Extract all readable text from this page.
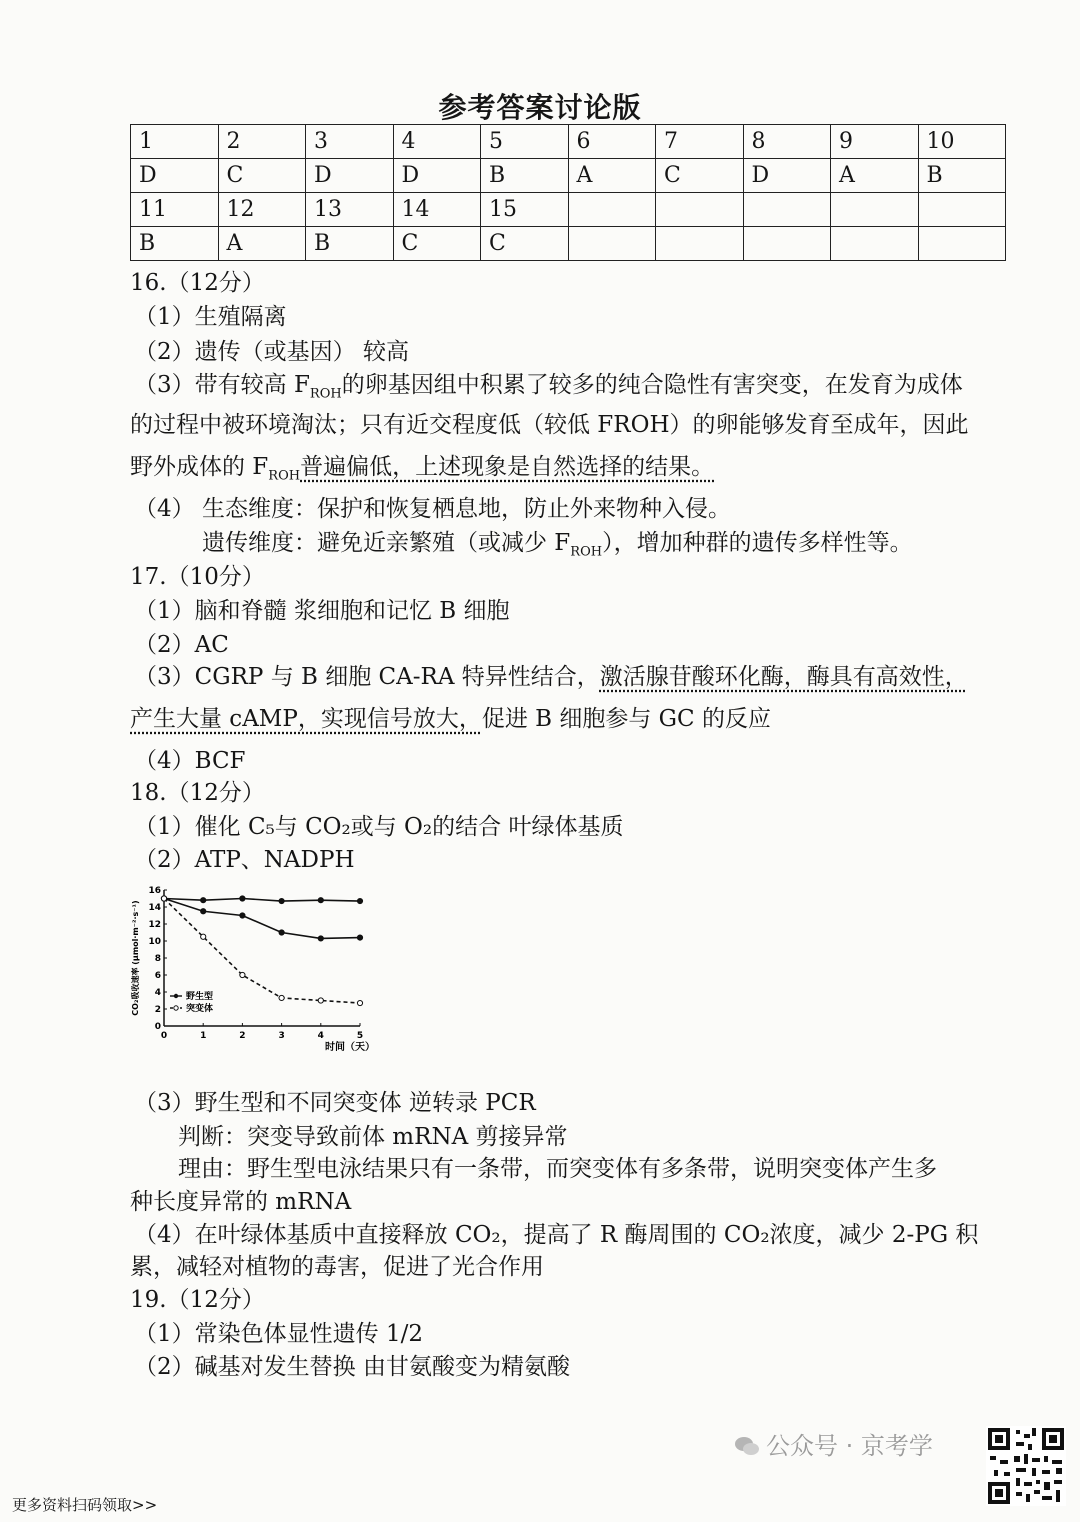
参考答案讨论版
1	2	3	4	5	6	7	8	9	10
D	C	D	D	B	A	C	D	A	B
11	12	13	14	15					
B	A	B	C	C					
16.（12分）
（1）生殖隔离
（2）遗传（或基因） 较高
（3）带有较高 $F_{ROH}$的卵基因组中积累了较多的纯合隐性有害突变，在发育为成体
的过程中被环境淘汰；只有近交程度低（较低 FROH）的卵能够发育至成年，因此
野外成体的 $F_{ROH}$普遍偏低，上述现象是自然选择的结果。
（4） 生态维度：保护和恢复栖息地，防止外来物种入侵。
遗传维度：避免近亲繁殖（或减少 $F_{ROH}$），增加种群的遗传多样性等。
17.（10分）
（1）脑和脊髓 浆细胞和记忆 B 细胞
（2）AC
（3）CGRP 与 B 细胞 CA-RA 特异性结合，激活腺苷酸环化酶，酶具有高效性，
产生大量 cAMP，实现信号放大，促进 B 细胞参与 GC 的反应
（4）BCF
18.（12分）
（1）催化 C₅与 CO₂或与 O₂的结合 叶绿体基质
（2）ATP、NADPH
0	1	2	3	4	5
0
2
4
6
8
10
12
14
16
时间（天）
CO₂吸收速率 (μmol·m⁻²·s⁻¹)	野生型
突变体
（3）野生型和不同突变体 逆转录 PCR
判断：突变导致前体 mRNA 剪接异常
理由：野生型电泳结果只有一条带，而突变体有多条带，说明突变体产生多
种长度异常的 mRNA
（4）在叶绿体基质中直接释放 CO₂，提高了 R 酶周围的 CO₂浓度，减少 2-PG 积
累，减轻对植物的毒害，促进了光合作用
19.（12分）
（1）常染色体显性遗传 1/2
（2）碱基对发生替换 由甘氨酸变为精氨酸
公众号 · 京考学
更多资料扫码领取>>
